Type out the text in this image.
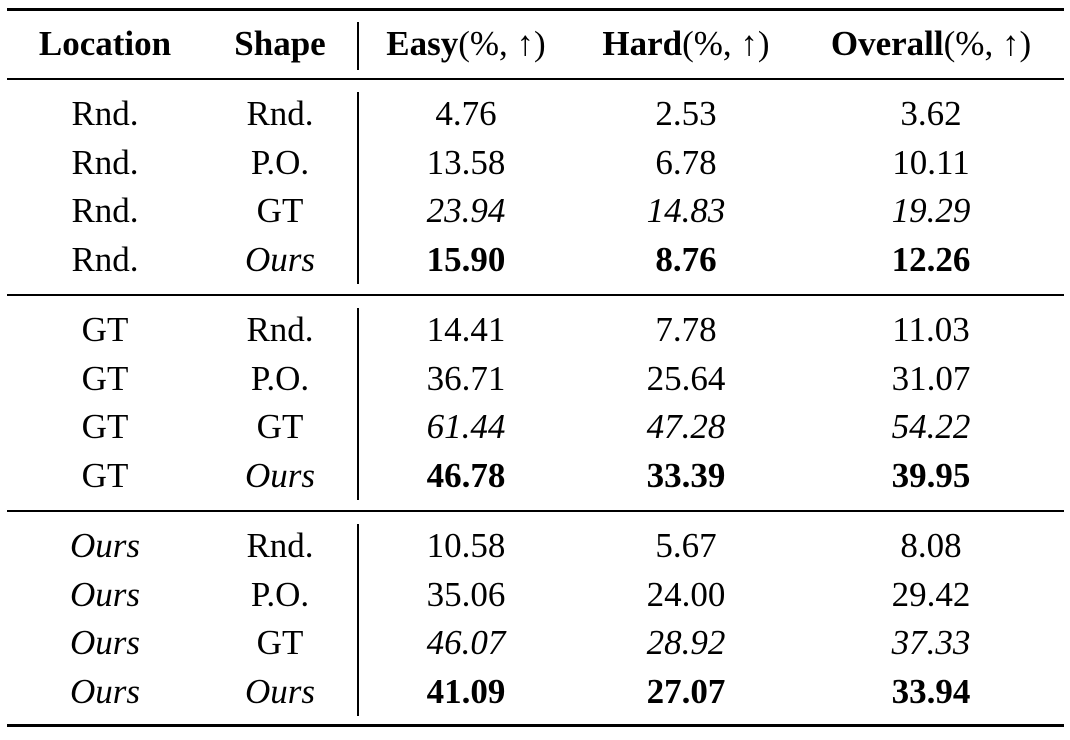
Location	Shape	Easy(%, ↑)	Hard(%, ↑)	Overall(%, ↑)
Rnd.	Rnd.	4.76	2.53	3.62
Rnd.	P.O.	13.58	6.78	10.11
Rnd.	GT	23.94	14.83	19.29
Rnd.	Ours	15.90	8.76	12.26
GT	Rnd.	14.41	7.78	11.03
GT	P.O.	36.71	25.64	31.07
GT	GT	61.44	47.28	54.22
GT	Ours	46.78	33.39	39.95
Ours	Rnd.	10.58	5.67	8.08
Ours	P.O.	35.06	24.00	29.42
Ours	GT	46.07	28.92	37.33
Ours	Ours	41.09	27.07	33.94
